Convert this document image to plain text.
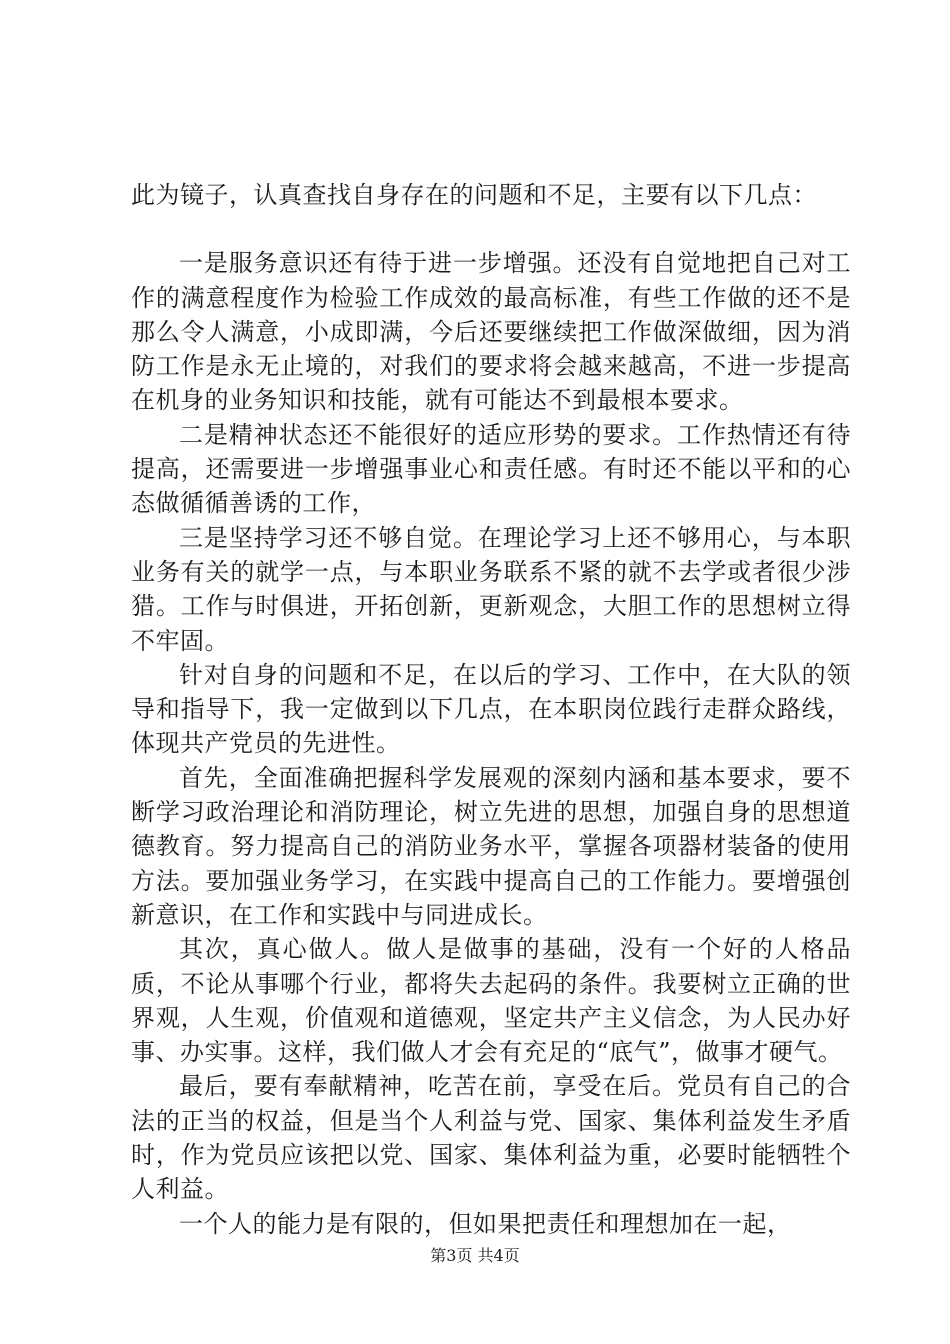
此为镜子，认真查找自身存在的问题和不足，主要有以下几点：

一是服务意识还有待于进一步增强。还没有自觉地把自己对工作的满意程度作为检验工作成效的最高标准，有些工作做的还不是那么令人满意，小成即满，今后还要继续把工作做深做细，因为消防工作是永无止境的，对我们的要求将会越来越高，不进一步提高在机身的业务知识和技能，就有可能达不到最根本要求。

二是精神状态还不能很好的适应形势的要求。工作热情还有待提高，还需要进一步增强事业心和责任感。有时还不能以平和的心态做循循善诱的工作，

三是坚持学习还不够自觉。在理论学习上还不够用心，与本职业务有关的就学一点，与本职业务联系不紧的就不去学或者很少涉猎。工作与时俱进，开拓创新，更新观念，大胆工作的思想树立得不牢固。

针对自身的问题和不足，在以后的学习、工作中，在大队的领导和指导下，我一定做到以下几点，在本职岗位践行走群众路线，体现共产党员的先进性。

首先，全面准确把握科学发展观的深刻内涵和基本要求，要不断学习政治理论和消防理论，树立先进的思想，加强自身的思想道德教育。努力提高自己的消防业务水平，掌握各项器材装备的使用方法。要加强业务学习，在实践中提高自己的工作能力。要增强创新意识，在工作和实践中与同进成长。

其次，真心做人。做人是做事的基础，没有一个好的人格品质，不论从事哪个行业，都将失去起码的条件。我要树立正确的世界观，人生观，价值观和道德观，坚定共产主义信念，为人民办好事、办实事。这样，我们做人才会有充足的“底气”，做事才硬气。

最后，要有奉献精神，吃苦在前，享受在后。党员有自己的合法的正当的权益，但是当个人利益与党、国家、集体利益发生矛盾时，作为党员应该把以党、国家、集体利益为重，必要时能牺牲个人利益。

一个人的能力是有限的，但如果把责任和理想加在一起，

第3页 共4页
